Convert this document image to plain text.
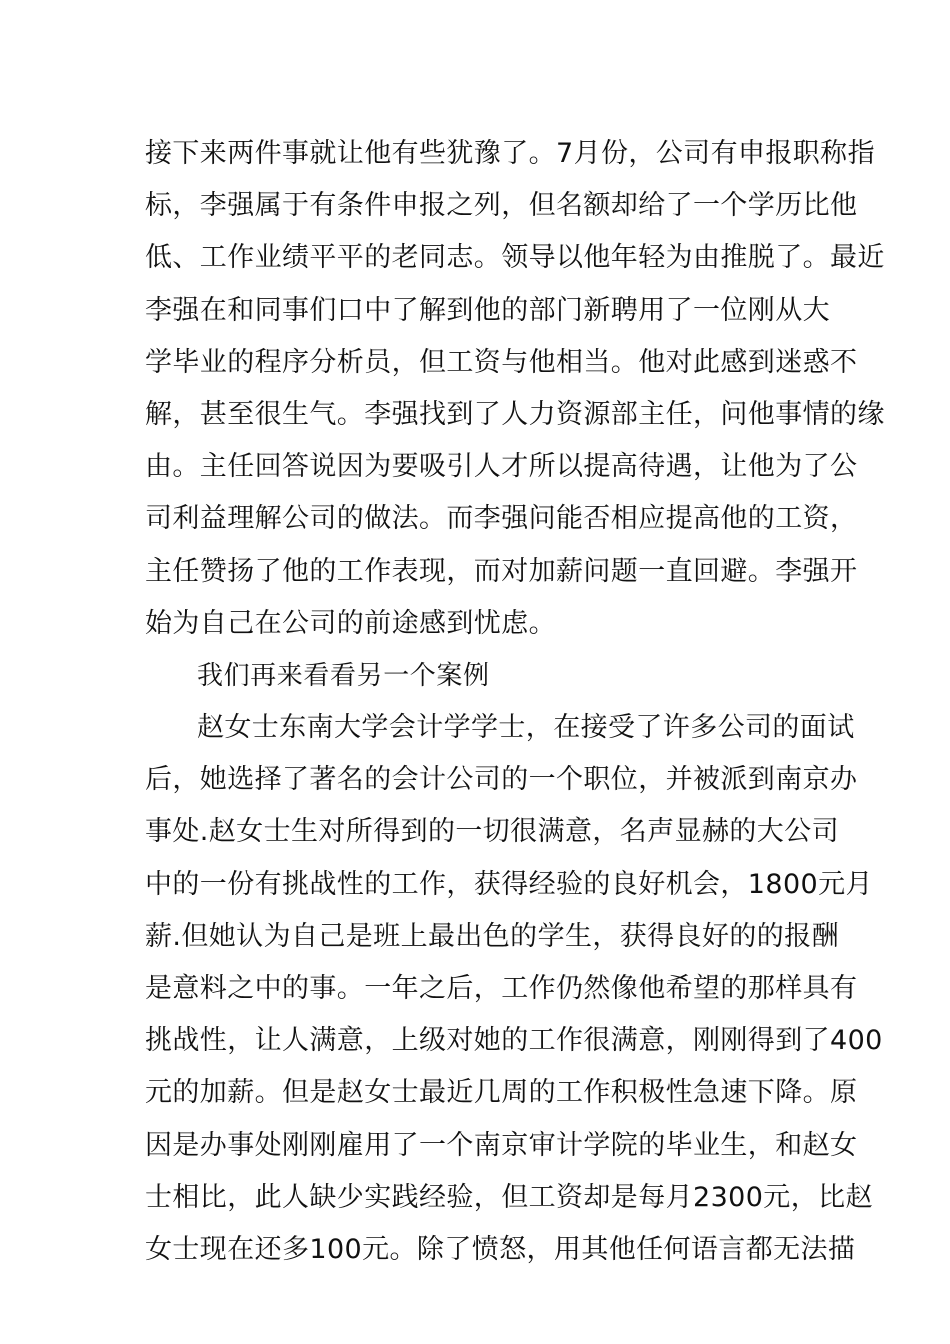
接下来两件事就让他有些犹豫了。7月份，公司有申报职称指
标，李强属于有条件申报之列，但名额却给了一个学历比他
低、工作业绩平平的老同志。领导以他年轻为由推脱了。最近
李强在和同事们口中了解到他的部门新聘用了一位刚从大
学毕业的程序分析员，但工资与他相当。他对此感到迷惑不
解，甚至很生气。李强找到了人力资源部主任，问他事情的缘
由。主任回答说因为要吸引人才所以提高待遇，让他为了公
司利益理解公司的做法。而李强问能否相应提高他的工资，
主任赞扬了他的工作表现，而对加薪问题一直回避。李强开
始为自己在公司的前途感到忧虑。
我们再来看看另一个案例
赵女士东南大学会计学学士，在接受了许多公司的面试
后，她选择了著名的会计公司的一个职位，并被派到南京办
事处.赵女士生对所得到的一切很满意，名声显赫的大公司
中的一份有挑战性的工作，获得经验的良好机会，1800元月
薪.但她认为自己是班上最出色的学生，获得良好的的报酬
是意料之中的事。一年之后，工作仍然像他希望的那样具有
挑战性，让人满意，上级对她的工作很满意，刚刚得到了400
元的加薪。但是赵女士最近几周的工作积极性急速下降。原
因是办事处刚刚雇用了一个南京审计学院的毕业生，和赵女
士相比，此人缺少实践经验，但工资却是每月2300元，比赵
女士现在还多100元。除了愤怒，用其他任何语言都无法描
